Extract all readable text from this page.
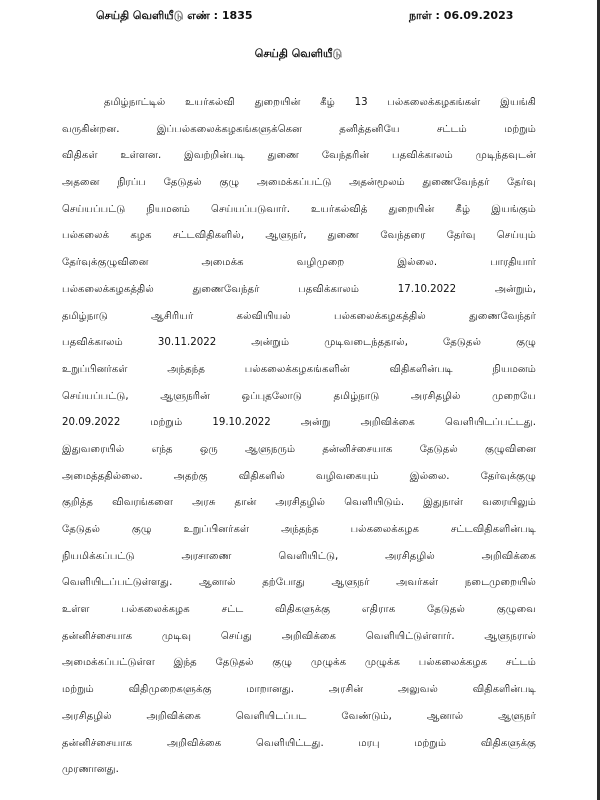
செய்தி வெளியீடு எண் : 1835	நாள் : 06.09.2023
செய்தி வெளியீடு
தமிழ்நாட்டில் உயர்கல்வி துறையின் கீழ் 13 பல்கலைக்கழகங்கள் இயங்கி
வருகின்றன. இப்பல்கலைக்கழகங்களுக்கென தனித்தனியே சட்டம் மற்றும்
விதிகள் உள்ளன. இவற்றின்படி துணை வேந்தரின் பதவிக்காலம் முடிந்தவுடன்
அதனை நிரப்ப தேடுதல் குழு அமைக்கப்பட்டு அதன்மூலம் துணைவேந்தர் தேர்வு
செய்யப்பட்டு நியமனம் செய்யப்படுவார். உயர்கல்வித் துறையின் கீழ் இயங்கும்
பல்கலைக் கழக சட்டவிதிகளில், ஆளுநர், துணை வேந்தரை தேர்வு செய்யும்
தேர்வுக்குழுவினை அமைக்க வழிமுறை இல்லை. பாரதியார்
பல்கலைக்கழகத்தில் துணைவேந்தர் பதவிக்காலம் 17.10.2022 அன்றும்,
தமிழ்நாடு ஆசிரியர் கல்வியியல் பல்கலைக்கழகத்தில் துணைவேந்தர்
பதவிக்காலம் 30.11.2022 அன்றும் முடிவடைந்ததால், தேடுதல் குழு
உறுப்பினர்கள் அந்தந்த பல்கலைக்கழகங்களின் விதிகளின்படி நியமனம்
செய்யப்பட்டு, ஆளுநரின் ஒப்புதலோடு தமிழ்நாடு அரசிதழில் முறையே
20.09.2022 மற்றும் 19.10.2022 அன்று அறிவிக்கை வெளியிடப்பட்டது.
இதுவரையில் எந்த ஒரு ஆளுநரும் தன்னிச்சையாக தேடுதல் குழுவினை
அமைத்ததில்லை. அதற்கு விதிகளில் வழிவகையும் இல்லை. தேர்வுக்குழு
குறித்த விவரங்களை அரசு தான் அரசிதழில் வெளியிடும். இதுநாள் வரையிலும்
தேடுதல் குழு உறுப்பினர்கள் அந்தந்த பல்கலைக்கழக சட்டவிதிகளின்படி
நியமிக்கப்பட்டு அரசாணை வெளியிட்டு, அரசிதழில் அறிவிக்கை
வெளியிடப்பட்டுள்ளது. ஆனால் தற்போது ஆளுநர் அவர்கள் நடைமுறையில்
உள்ள பல்கலைக்கழக சட்ட விதிகளுக்கு எதிராக தேடுதல் குழுவை
தன்னிச்சையாக முடிவு செய்து அறிவிக்கை வெளியிட்டுள்ளார். ஆளுநரால்
அமைக்கப்பட்டுள்ள இந்த தேடுதல் குழு முழுக்க முழுக்க பல்கலைக்கழக சட்டம்
மற்றும் விதிமுறைகளுக்கு மாறானது. அரசின் அலுவல் விதிகளின்படி
அரசிதழில் அறிவிக்கை வெளியிடப்பட வேண்டும், ஆனால் ஆளுநர்
தன்னிச்சையாக அறிவிக்கை வெளியிட்டது. மரபு மற்றும் விதிகளுக்கு
முரணானது.
